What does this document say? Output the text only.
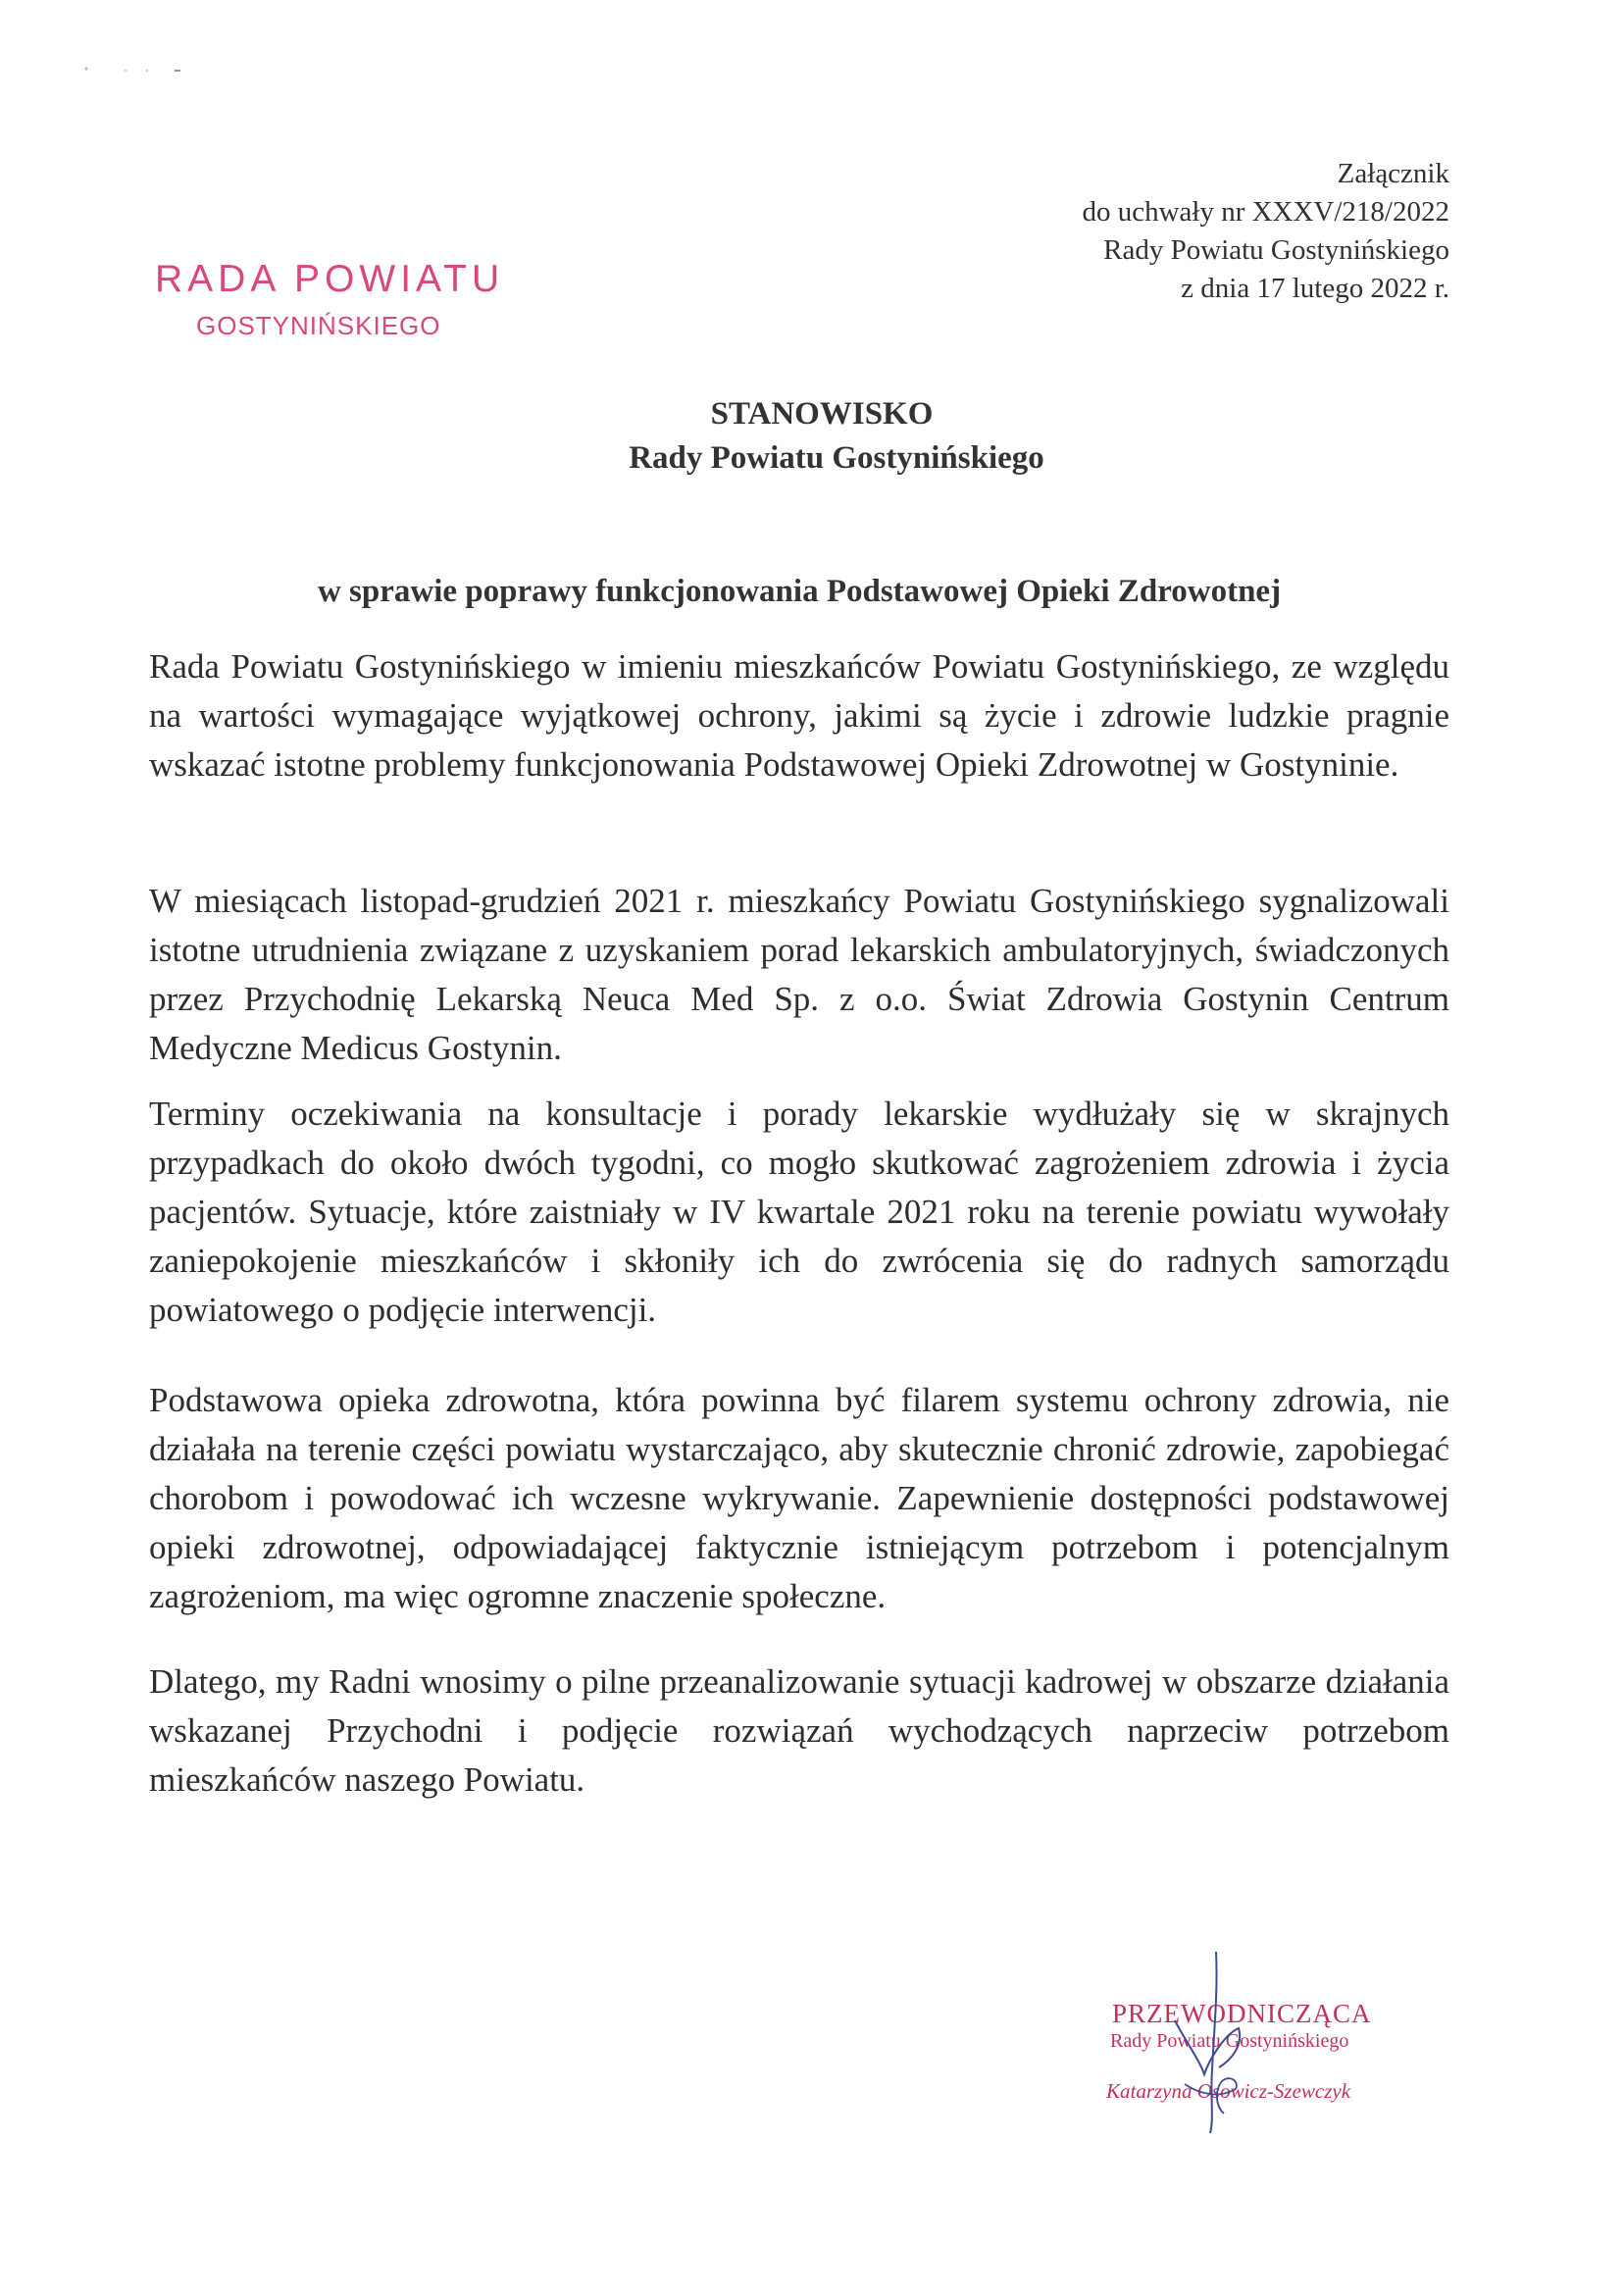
Załącznik
do uchwały nr XXXV/218/2022
Rady Powiatu Gostynińskiego
z dnia 17 lutego 2022 r.
RADA POWIATU
GOSTYNIŃSKIEGO
STANOWISKO
Rady Powiatu Gostynińskiego
w sprawie poprawy funkcjonowania Podstawowej Opieki Zdrowotnej

Rada Powiatu Gostynińskiego w imieniu mieszkańców Powiatu Gostynińskiego, ze względu na wartości wymagające wyjątkowej ochrony, jakimi są życie i zdrowie ludzkie pragnie wskazać istotne problemy funkcjonowania Podstawowej Opieki Zdrowotnej w Gostyninie.

W miesiącach listopad-grudzień 2021 r. mieszkańcy Powiatu Gostynińskiego sygnalizowali istotne utrudnienia związane z uzyskaniem porad lekarskich ambulatoryjnych, świadczonych przez Przychodnię Lekarską Neuca Med Sp. z o.o. Świat Zdrowia Gostynin Centrum Medyczne Medicus Gostynin.

Terminy oczekiwania na konsultacje i porady lekarskie wydłużały się w skrajnych przypadkach do około dwóch tygodni, co mogło skutkować zagrożeniem zdrowia i życia pacjentów. Sytuacje, które zaistniały w IV kwartale 2021 roku na terenie powiatu wywołały zaniepokojenie mieszkańców i skłoniły ich do zwrócenia się do radnych samorządu powiatowego o podjęcie interwencji.

Podstawowa opieka zdrowotna, która powinna być filarem systemu ochrony zdrowia, nie działała na terenie części powiatu wystarczająco, aby skutecznie chronić zdrowie, zapobiegać chorobom i powodować ich wczesne wykrywanie. Zapewnienie dostępności podstawowej opieki zdrowotnej, odpowiadającej faktycznie istniejącym potrzebom i potencjalnym zagrożeniom, ma więc ogromne znaczenie społeczne.

Dlatego, my Radni wnosimy o pilne przeanalizowanie sytuacji kadrowej w obszarze działania wskazanej Przychodni i podjęcie rozwiązań wychodzących naprzeciw potrzebom mieszkańców naszego Powiatu.

PRZEWODNICZĄCA
Rady Powiatu Gostynińskiego
Katarzyna Osowicz-Szewczyk
